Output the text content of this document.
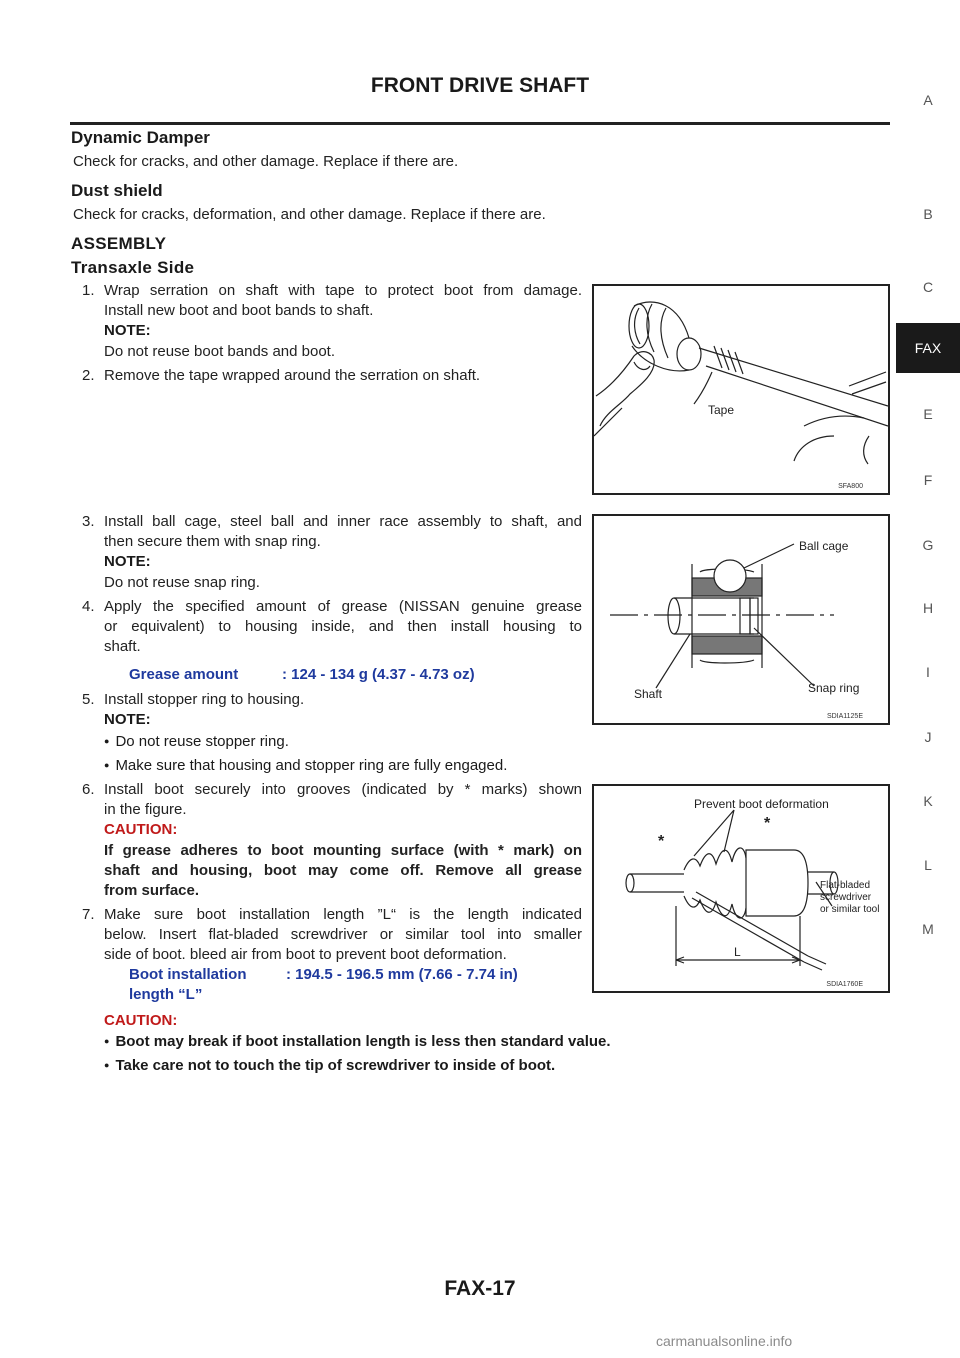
FRONT DRIVE SHAFT
A
B
C
FAX
E
F
G
H
I
J
K
L
M
Dynamic Damper
Check for cracks, and other damage. Replace if there are.
Dust shield
Check for cracks, deformation, and other damage. Replace if there are.
ASSEMBLY
Transaxle Side
1. Wrap serration on shaft with tape to protect boot from damage.
Install new boot and boot bands to shaft.
NOTE:
Do not reuse boot bands and boot.
2. Remove the tape wrapped around the serration on shaft.
Tape
SFA800
3. Install ball cage, steel ball and inner race assembly to shaft, and
then secure them with snap ring.
NOTE:
Do not reuse snap ring.
4. Apply the specified amount of grease (NISSAN genuine grease
or equivalent) to housing inside, and then install housing to
shaft.
Grease amount	: 124 - 134 g (4.37 - 4.73 oz)
Ball cage
Shaft	Snap ring
SDIA1125E
5. Install stopper ring to housing.
NOTE:
● Do not reuse stopper ring.
● Make sure that housing and stopper ring are fully engaged.
6. Install boot securely into grooves (indicated by * marks) shown
in the figure.
CAUTION:
If grease adheres to boot mounting surface (with * mark) on
shaft and housing, boot may come off. Remove all grease
from surface.
7. Make sure boot installation length ”L“ is the length indicated
below. Insert flat-bladed screwdriver or similar tool into smaller
side of boot. bleed air from boot to prevent boot deformation.
Boot installation
length “L”
: 194.5 - 196.5 mm (7.66 - 7.74 in)
Prevent boot deformation
*
*
Flat-bladed
screwdriver
or similar tool
L
SDIA1760E
CAUTION:
● Boot may break if boot installation length is less then standard value.
● Take care not to touch the tip of screwdriver to inside of boot.
FAX-17
carmanualsonline.info
